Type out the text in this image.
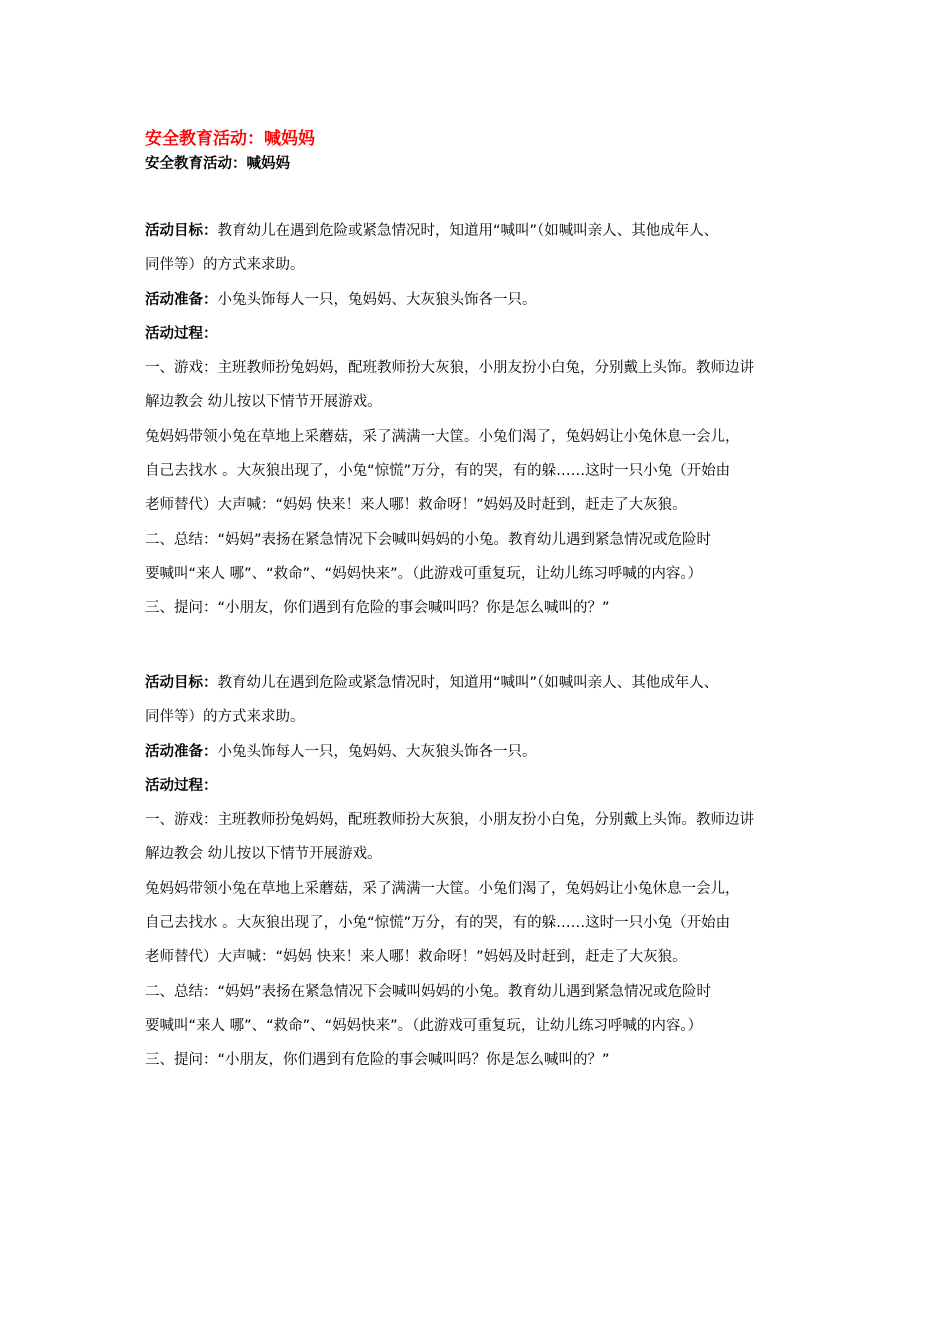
安全教育活动：喊妈妈
安全教育活动：喊妈妈
活动目标：教育幼儿在遇到危险或紧急情况时，知道用“喊叫”（如喊叫亲人、其他成年人、
同伴等）的方式来求助。
活动准备：小兔头饰每人一只，兔妈妈、大灰狼头饰各一只。
活动过程：
一、游戏：主班教师扮兔妈妈，配班教师扮大灰狼，小朋友扮小白兔，分别戴上头饰。教师边讲
解边教会 幼儿按以下情节开展游戏。
兔妈妈带领小兔在草地上采蘑菇，采了满满一大筐。小兔们渴了，兔妈妈让小兔休息一会儿，
自己去找水 。大灰狼出现了，小兔“惊慌”万分，有的哭，有的躲……这时一只小兔（开始由
老师替代）大声喊：“妈妈 快来！来人哪！救命呀！”妈妈及时赶到，赶走了大灰狼。
二、总结：“妈妈”表扬在紧急情况下会喊叫妈妈的小兔。教育幼儿遇到紧急情况或危险时
要喊叫“来人 哪”、“救命”、“妈妈快来”。（此游戏可重复玩，让幼儿练习呼喊的内容。）
三、提问：“小朋友，你们遇到有危险的事会喊叫吗？你是怎么喊叫的？”
活动目标：教育幼儿在遇到危险或紧急情况时，知道用“喊叫”（如喊叫亲人、其他成年人、
同伴等）的方式来求助。
活动准备：小兔头饰每人一只，兔妈妈、大灰狼头饰各一只。
活动过程：
一、游戏：主班教师扮兔妈妈，配班教师扮大灰狼，小朋友扮小白兔，分别戴上头饰。教师边讲
解边教会 幼儿按以下情节开展游戏。
兔妈妈带领小兔在草地上采蘑菇，采了满满一大筐。小兔们渴了，兔妈妈让小兔休息一会儿，
自己去找水 。大灰狼出现了，小兔“惊慌”万分，有的哭，有的躲……这时一只小兔（开始由
老师替代）大声喊：“妈妈 快来！来人哪！救命呀！”妈妈及时赶到，赶走了大灰狼。
二、总结：“妈妈”表扬在紧急情况下会喊叫妈妈的小兔。教育幼儿遇到紧急情况或危险时
要喊叫“来人 哪”、“救命”、“妈妈快来”。（此游戏可重复玩，让幼儿练习呼喊的内容。）
三、提问：“小朋友，你们遇到有危险的事会喊叫吗？你是怎么喊叫的？”
